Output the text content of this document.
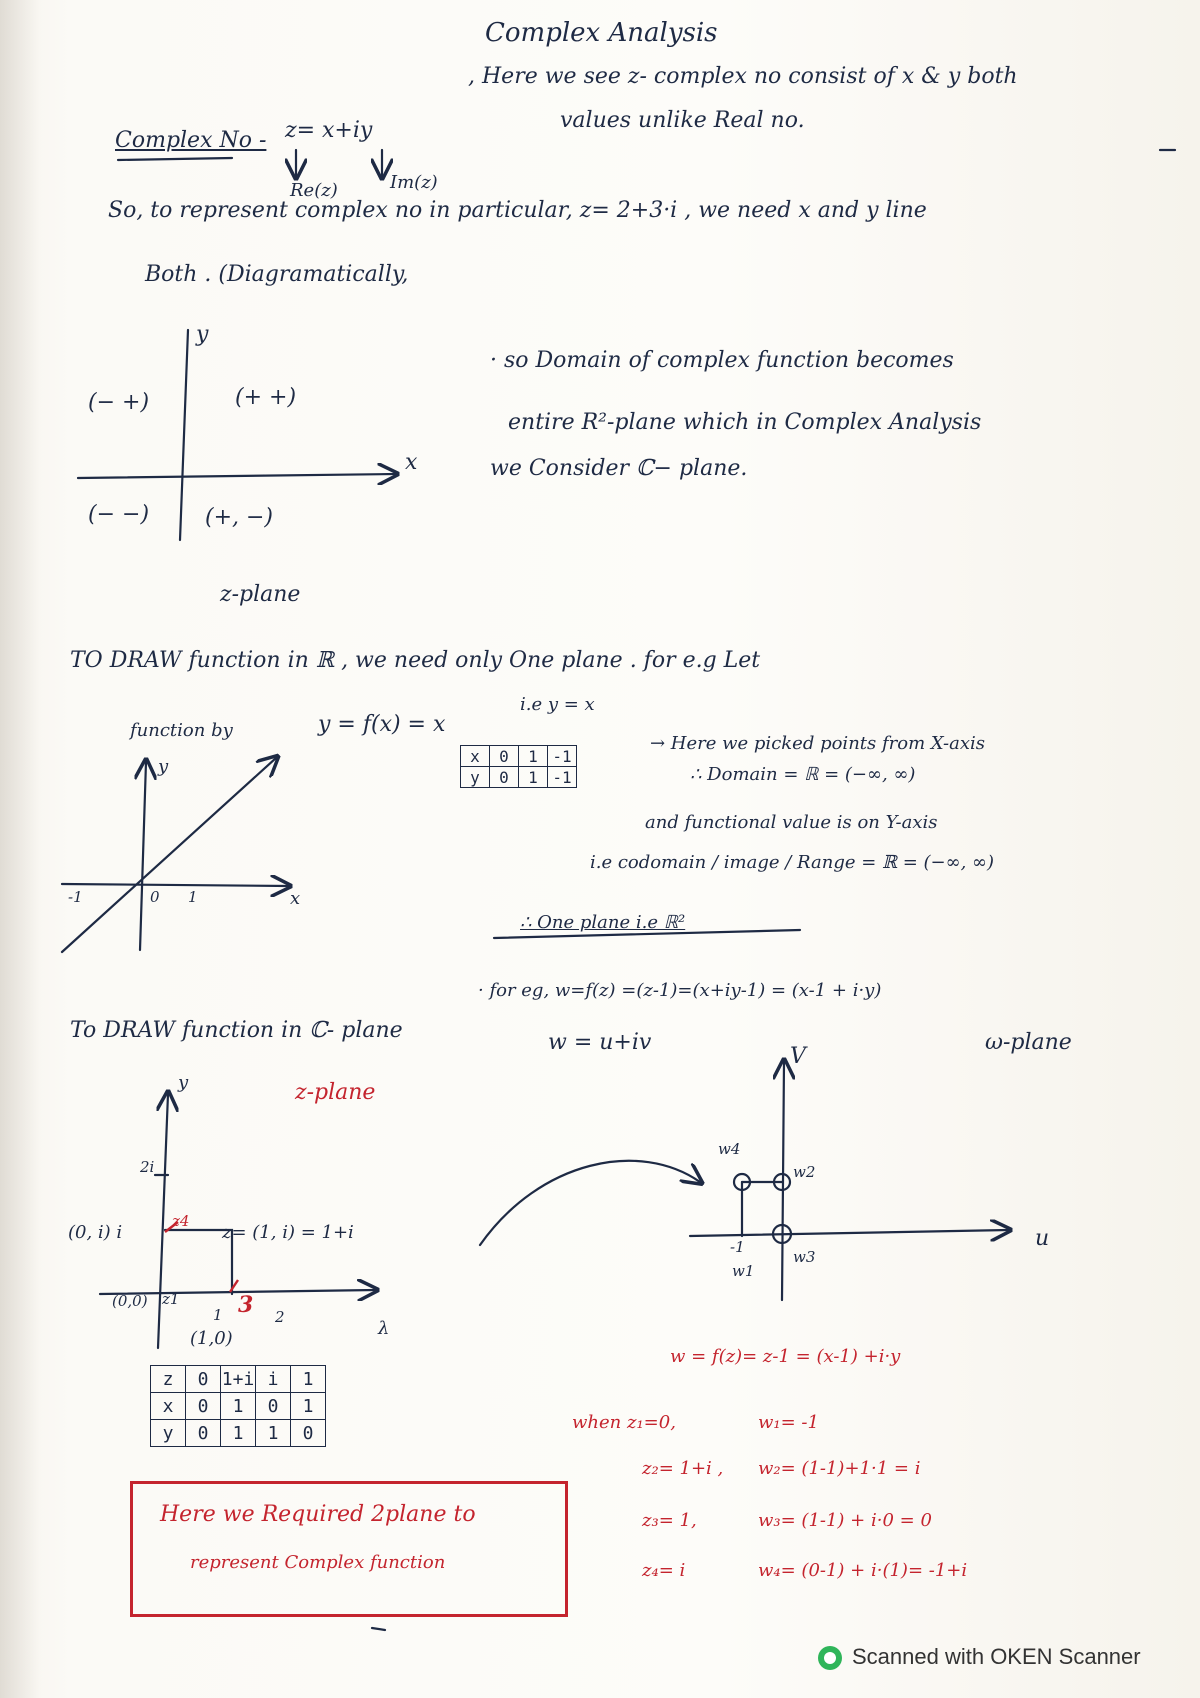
Complex Analysis
Complex No - z= x+iy
Re(z)	Im(z)
, Here we see z- complex no consist of x & y both
values unlike Real no.
So, to represent complex no in particular, z= 2+3·i , we need x and y line
Both . (Diagramatically,
(− +)	(+ +)
(− −)	(+, −)
y
x
z-plane
· so Domain of complex function becomes
entire R²-plane which in Complex Analysis
we Consider ℂ− plane.
TO DRAW function in ℝ , we need only One plane . for e.g Let
function by	y = f(x) = x
i.e y = x
x	0	1	-1
y	0	1	-1
→ Here we picked points from X-axis
∴ Domain = ℝ = (−∞, ∞)
and functional value is on Y-axis
i.e codomain / image / Range = ℝ = (−∞, ∞)
∴ One plane i.e ℝ²
y
x
-1	0 1
To DRAW function in ℂ- plane
· for eg, w=f(z) =(z-1)=(x+iy-1) = (x-1 + i·y)
w = u+iv	ω-plane
z-plane
y
2i
(0, i) i
z4
z= (1, i) = 1+i
(0,0) z1
1 3 2
(1,0)	λ
z	0	1+i	i	1
x	0	1	0	1
y	0	1	1	0
Here we Required 2plane to
represent Complex function
V
u
w4
w2
w3
w1
-1
w = f(z)= z-1 = (x-1) +i·y
when z₁=0,	w₁= -1
z₂= 1+i , w₂= (1-1)+1·1 = i
z₃= 1,	w₃= (1-1) + i·0 = 0
z₄= i	w₄= (0-1) + i·(1)= -1+i
Scanned with OKEN Scanner
